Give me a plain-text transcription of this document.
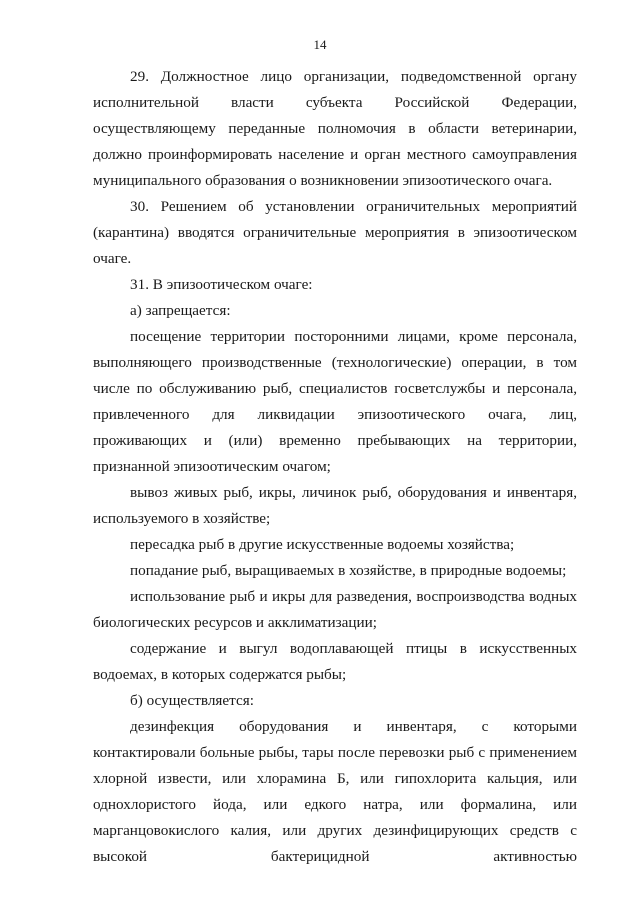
14

29. Должностное лицо организации, подведомственной органу исполнительной власти субъекта Российской Федерации, осуществляющему переданные полномочия в области ветеринарии, должно проинформировать население и орган местного самоуправления муниципального образования о возникновении эпизоотического очага.

30. Решением об установлении ограничительных мероприятий (карантина) вводятся ограничительные мероприятия в эпизоотическом очаге.

31. В эпизоотическом очаге:

а) запрещается:

посещение территории посторонними лицами, кроме персонала, выполняющего производственные (технологические) операции, в том числе по обслуживанию рыб, специалистов госветслужбы и персонала, привлеченного для ликвидации эпизоотического очага, лиц, проживающих и (или) временно пребывающих на территории, признанной эпизоотическим очагом;

вывоз живых рыб, икры, личинок рыб, оборудования и инвентаря, используемого в хозяйстве;

пересадка рыб в другие искусственные водоемы хозяйства;

попадание рыб, выращиваемых в хозяйстве, в природные водоемы;

использование рыб и икры для разведения, воспроизводства водных биологических ресурсов и акклиматизации;

содержание и выгул водоплавающей птицы в искусственных водоемах, в которых содержатся рыбы;

б) осуществляется:

дезинфекция оборудования и инвентаря, с которыми контактировали больные рыбы, тары после перевозки рыб с применением хлорной извести, или хлорамина Б, или гипохлорита кальция, или однохлористого йода, или едкого натра, или формалина, или марганцовокислого калия, или других дезинфицирующих средств с высокой бактерицидной активностью
